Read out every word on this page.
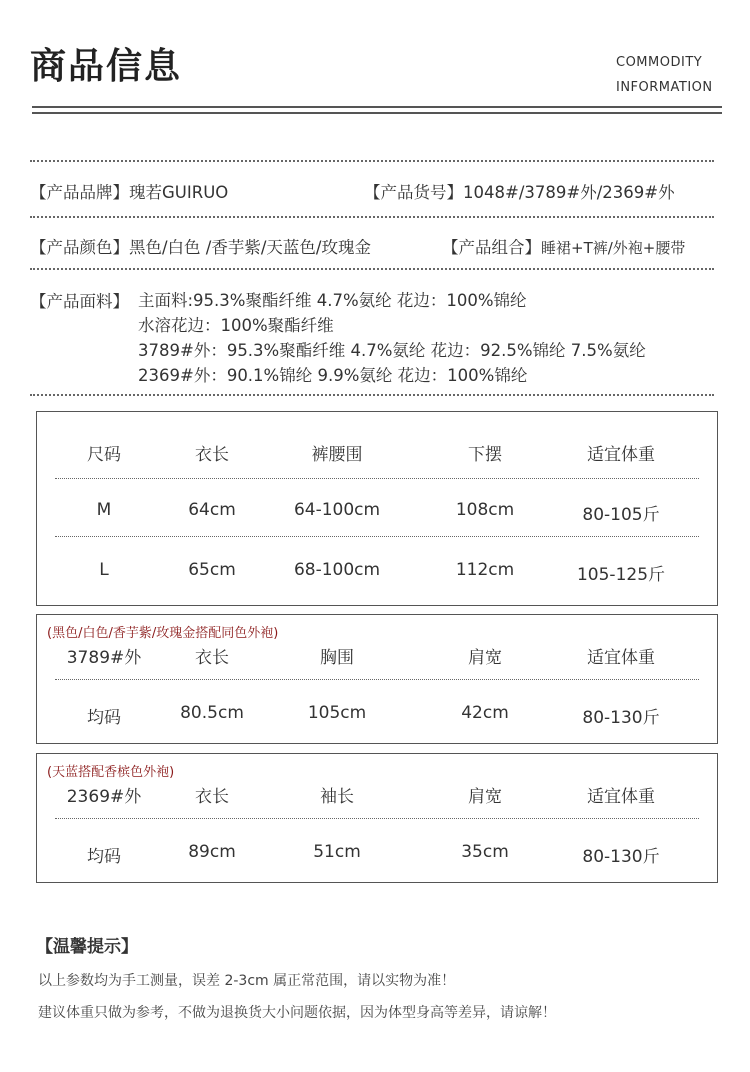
商品信息	COMMODITY
INFORMATION
【产品品牌】瑰若GUIRUO	【产品货号】1048#/3789#外/2369#外
【产品颜色】黑色/白色 /香芋紫/天蓝色/玫瑰金	【产品组合】睡裙+T裤/外袍+腰带
【产品面料】 主面料:95.3%聚酯纤维 4.7%氨纶 花边：100%锦纶
水溶花边：100%聚酯纤维
3789#外：95.3%聚酯纤维 4.7%氨纶 花边：92.5%锦纶 7.5%氨纶
2369#外：90.1%锦纶 9.9%氨纶 花边：100%锦纶
尺码	衣长	裤腰围	下摆	适宜体重
M	64cm	64-100cm	108cm	80-105斤
L	65cm	68-100cm	112cm	105-125斤
(黑色/白色/香芋紫/玫瑰金搭配同色外袍)
3789#外	衣长	胸围	肩宽	适宜体重
均码	80.5cm	105cm	42cm	80-130斤
(天蓝搭配香槟色外袍)
2369#外	衣长	袖长	肩宽	适宜体重
均码	89cm	51cm	35cm	80-130斤
【温馨提示】
以上参数均为手工测量，误差 2-3cm 属正常范围，请以实物为准！
建议体重只做为参考，不做为退换货大小问题依据，因为体型身高等差异，请谅解！
